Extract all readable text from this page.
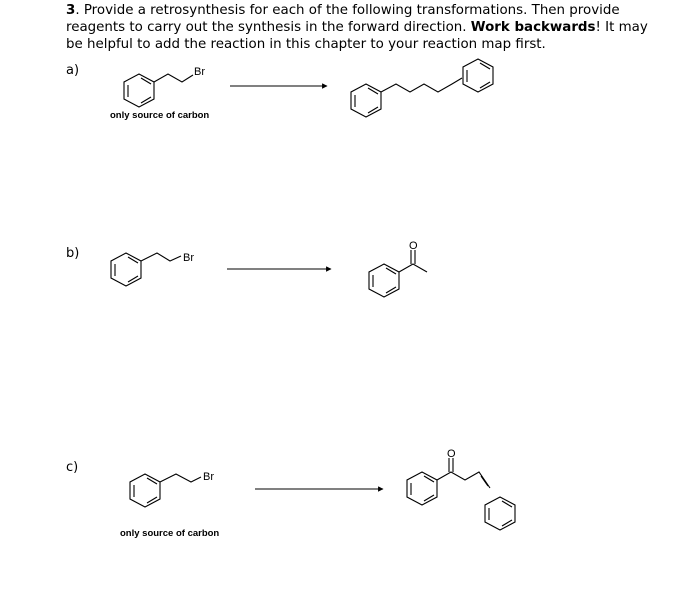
3. Provide a retrosynthesis for each of the following transformations. Then provide reagents to carry out the synthesis in the forward direction. Work backwards! It may be helpful to add the reaction in this chapter to your reaction map first.
a)
b)
c)
only source of carbon
only source of carbon
Br
Br
O
Br
O
